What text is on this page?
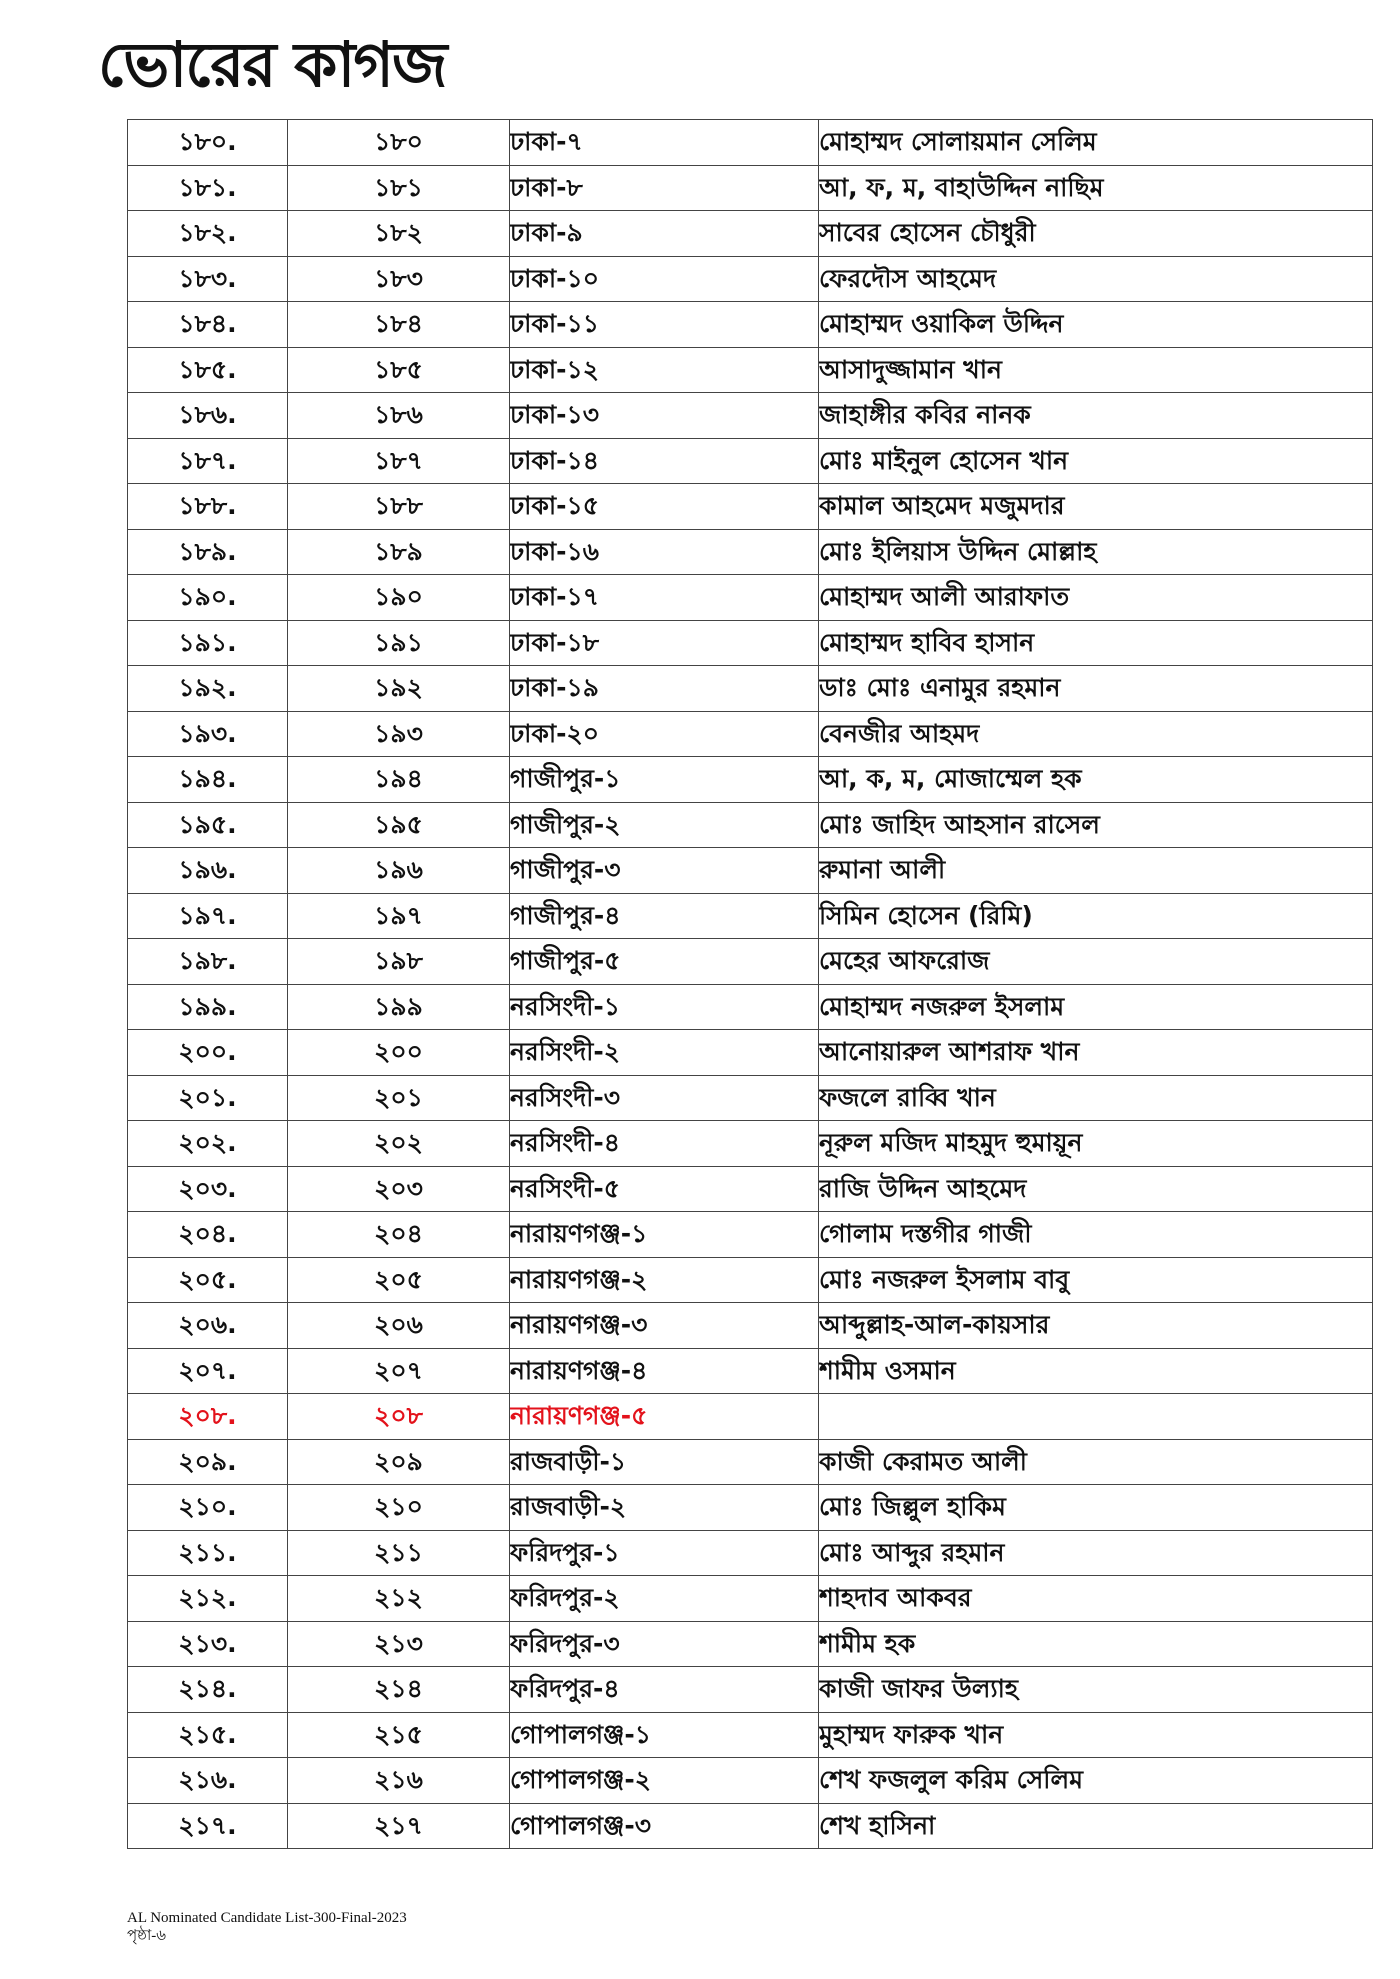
ভোরের কাগজ
১৮০.	১৮০	ঢাকা-৭	মোহাম্মদ সোলায়মান সেলিম
১৮১.	১৮১	ঢাকা-৮	আ, ফ, ম, বাহাউদ্দিন নাছিম
১৮২.	১৮২	ঢাকা-৯	সাবের হোসেন চৌধুরী
১৮৩.	১৮৩	ঢাকা-১০	ফেরদৌস আহমেদ
১৮৪.	১৮৪	ঢাকা-১১	মোহাম্মদ ওয়াকিল উদ্দিন
১৮৫.	১৮৫	ঢাকা-১২	আসাদুজ্জামান খান
১৮৬.	১৮৬	ঢাকা-১৩	জাহাঙ্গীর কবির নানক
১৮৭.	১৮৭	ঢাকা-১৪	মোঃ মাইনুল হোসেন খান
১৮৮.	১৮৮	ঢাকা-১৫	কামাল আহমেদ মজুমদার
১৮৯.	১৮৯	ঢাকা-১৬	মোঃ ইলিয়াস উদ্দিন মোল্লাহ
১৯০.	১৯০	ঢাকা-১৭	মোহাম্মদ আলী আরাফাত
১৯১.	১৯১	ঢাকা-১৮	মোহাম্মদ হাবিব হাসান
১৯২.	১৯২	ঢাকা-১৯	ডাঃ মোঃ এনামুর রহমান
১৯৩.	১৯৩	ঢাকা-২০	বেনজীর আহমদ
১৯৪.	১৯৪	গাজীপুর-১	আ, ক, ম, মোজাম্মেল হক
১৯৫.	১৯৫	গাজীপুর-২	মোঃ জাহিদ আহসান রাসেল
১৯৬.	১৯৬	গাজীপুর-৩	রুমানা আলী
১৯৭.	১৯৭	গাজীপুর-৪	সিমিন হোসেন (রিমি)
১৯৮.	১৯৮	গাজীপুর-৫	মেহের আফরোজ
১৯৯.	১৯৯	নরসিংদী-১	মোহাম্মদ নজরুল ইসলাম
২০০.	২০০	নরসিংদী-২	আনোয়ারুল আশরাফ খান
২০১.	২০১	নরসিংদী-৩	ফজলে রাব্বি খান
২০২.	২০২	নরসিংদী-৪	নূরুল মজিদ মাহমুদ হুমায়ূন
২০৩.	২০৩	নরসিংদী-৫	রাজি উদ্দিন আহমেদ
২০৪.	২০৪	নারায়ণগঞ্জ-১	গোলাম দস্তগীর গাজী
২০৫.	২০৫	নারায়ণগঞ্জ-২	মোঃ নজরুল ইসলাম বাবু
২০৬.	২০৬	নারায়ণগঞ্জ-৩	আব্দুল্লাহ-আল-কায়সার
২০৭.	২০৭	নারায়ণগঞ্জ-৪	শামীম ওসমান
২০৮.	২০৮	নারায়ণগঞ্জ-৫	
২০৯.	২০৯	রাজবাড়ী-১	কাজী কেরামত আলী
২১০.	২১০	রাজবাড়ী-২	মোঃ জিল্লুল হাকিম
২১১.	২১১	ফরিদপুর-১	মোঃ আব্দুর রহমান
২১২.	২১২	ফরিদপুর-২	শাহদাব আকবর
২১৩.	২১৩	ফরিদপুর-৩	শামীম হক
২১৪.	২১৪	ফরিদপুর-৪	কাজী জাফর উল্যাহ
২১৫.	২১৫	গোপালগঞ্জ-১	মুহাম্মদ ফারুক খান
২১৬.	২১৬	গোপালগঞ্জ-২	শেখ ফজলুল করিম সেলিম
২১৭.	২১৭	গোপালগঞ্জ-৩	শেখ হাসিনা
AL Nominated Candidate List-300-Final-2023
পৃষ্ঠা-৬
